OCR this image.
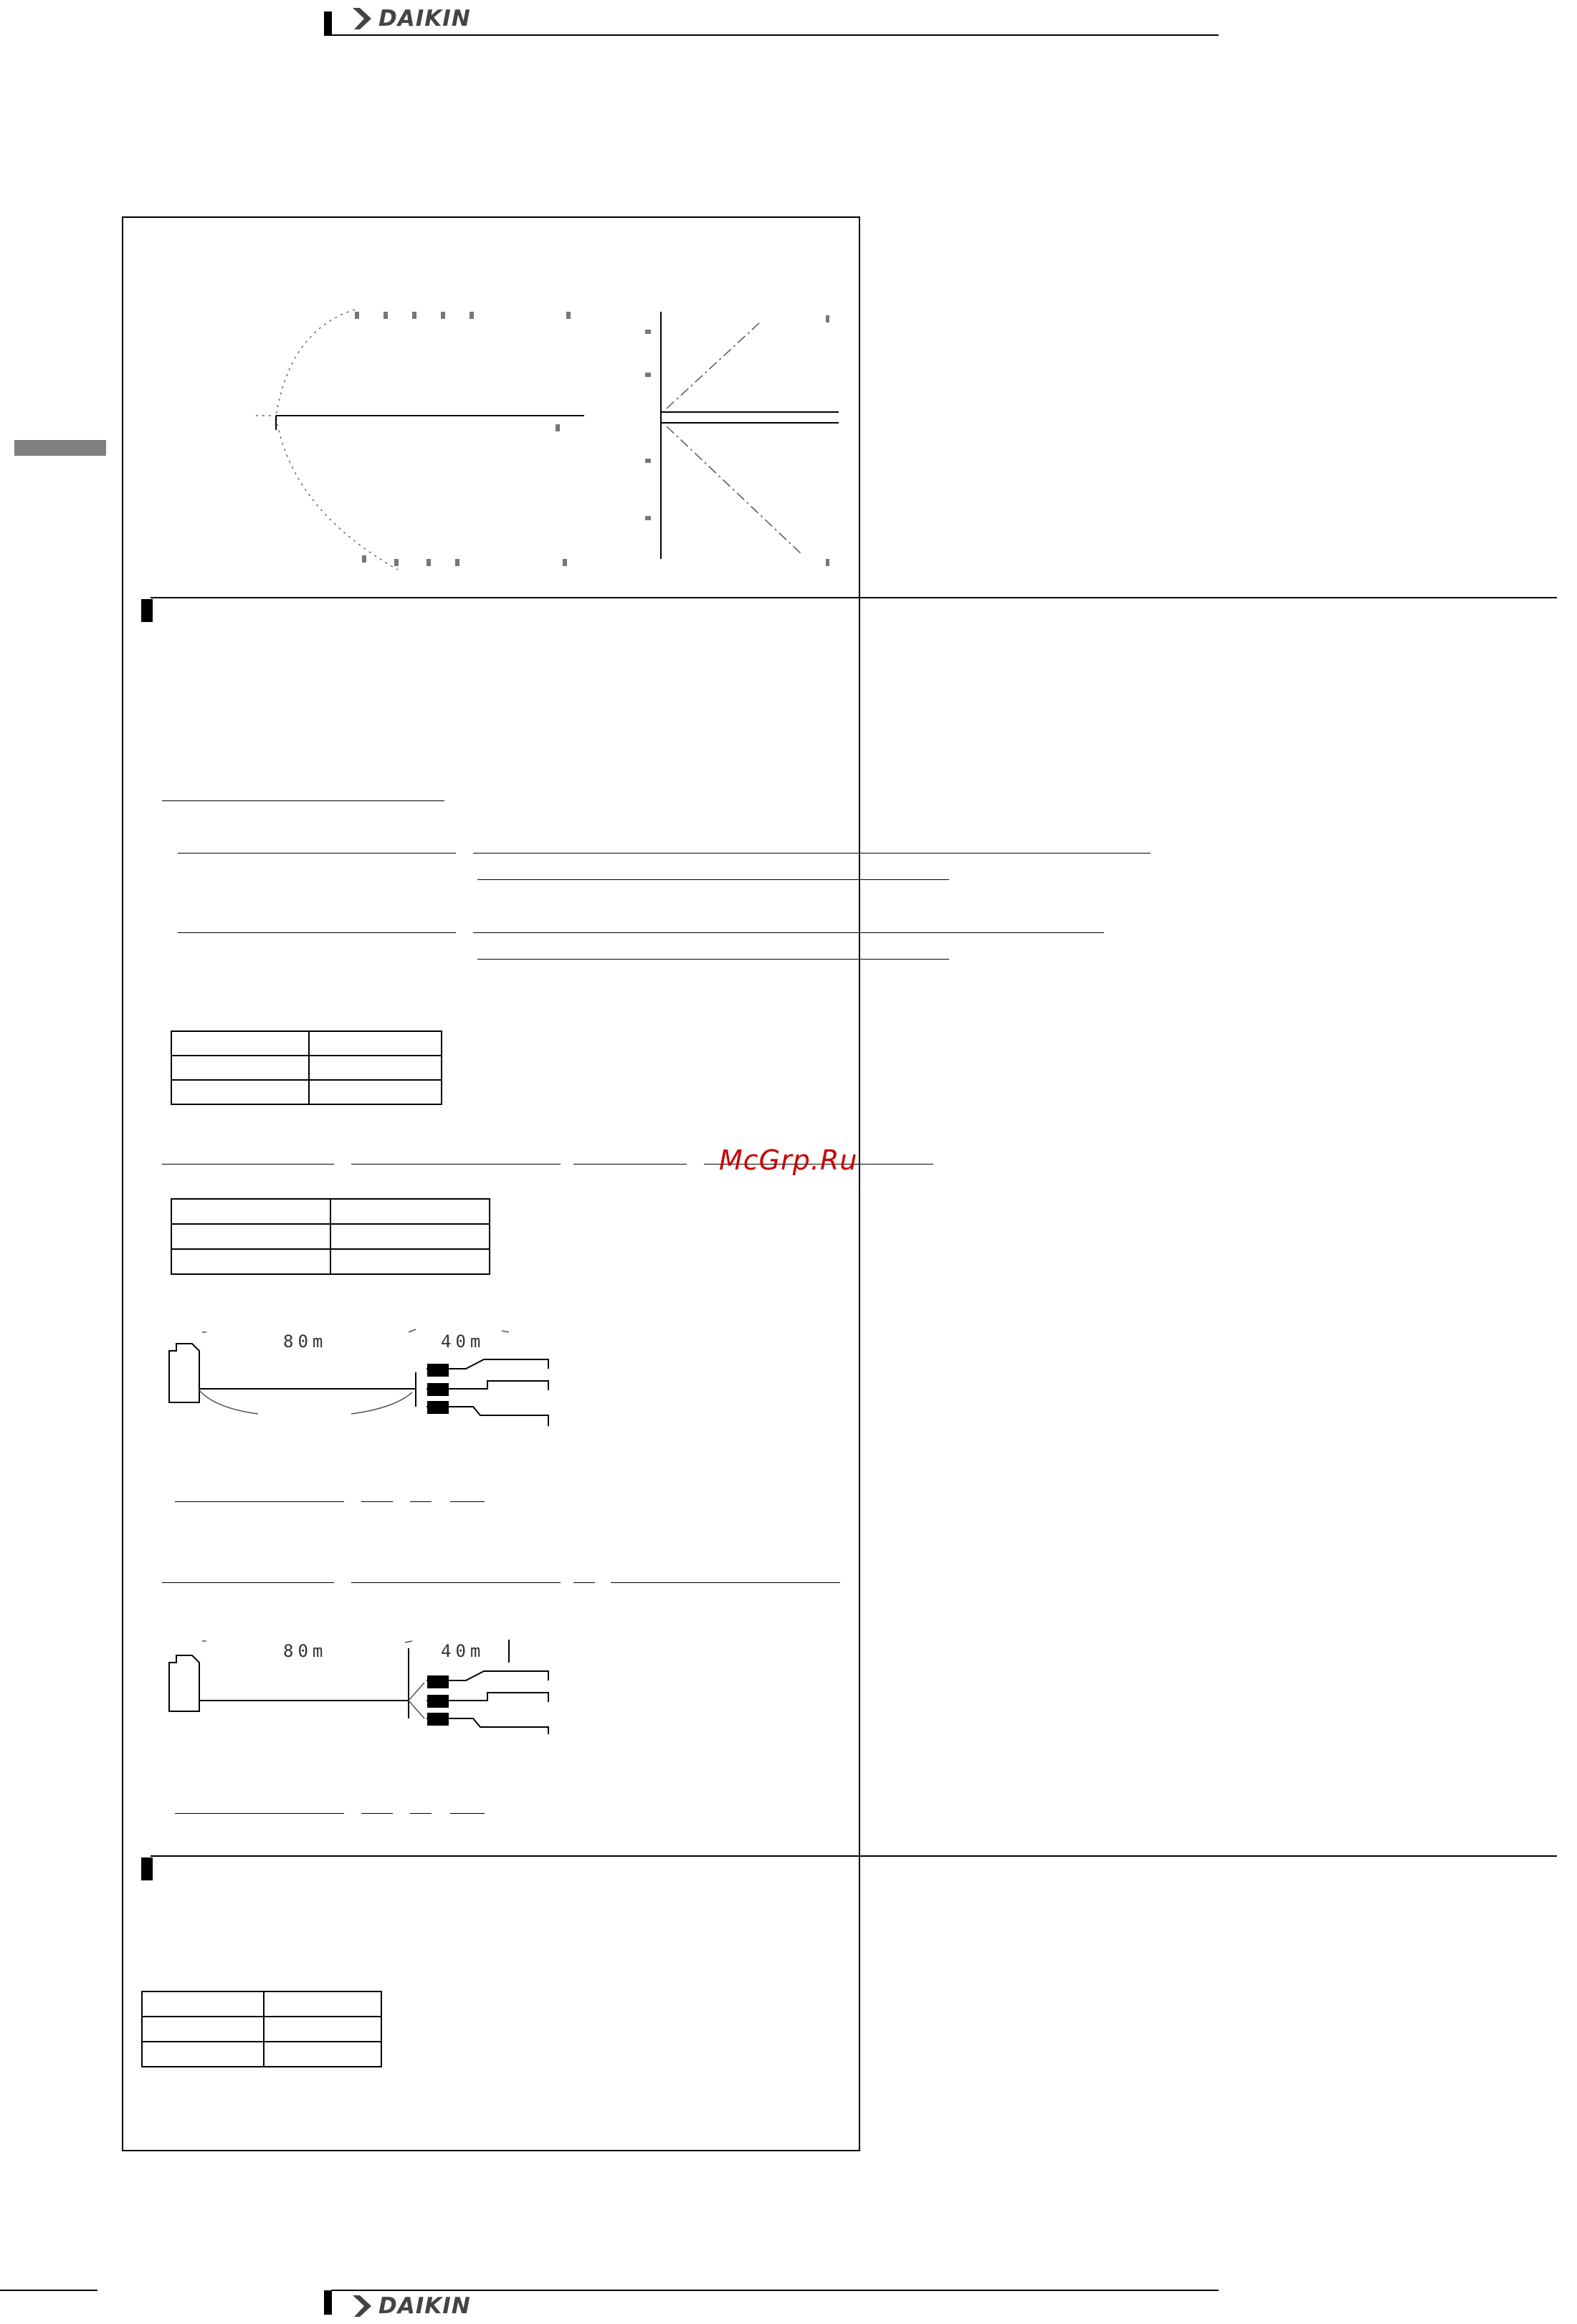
DAIKIN

McGrp.Ru

80m	40m
80m	40m

DAIKIN
